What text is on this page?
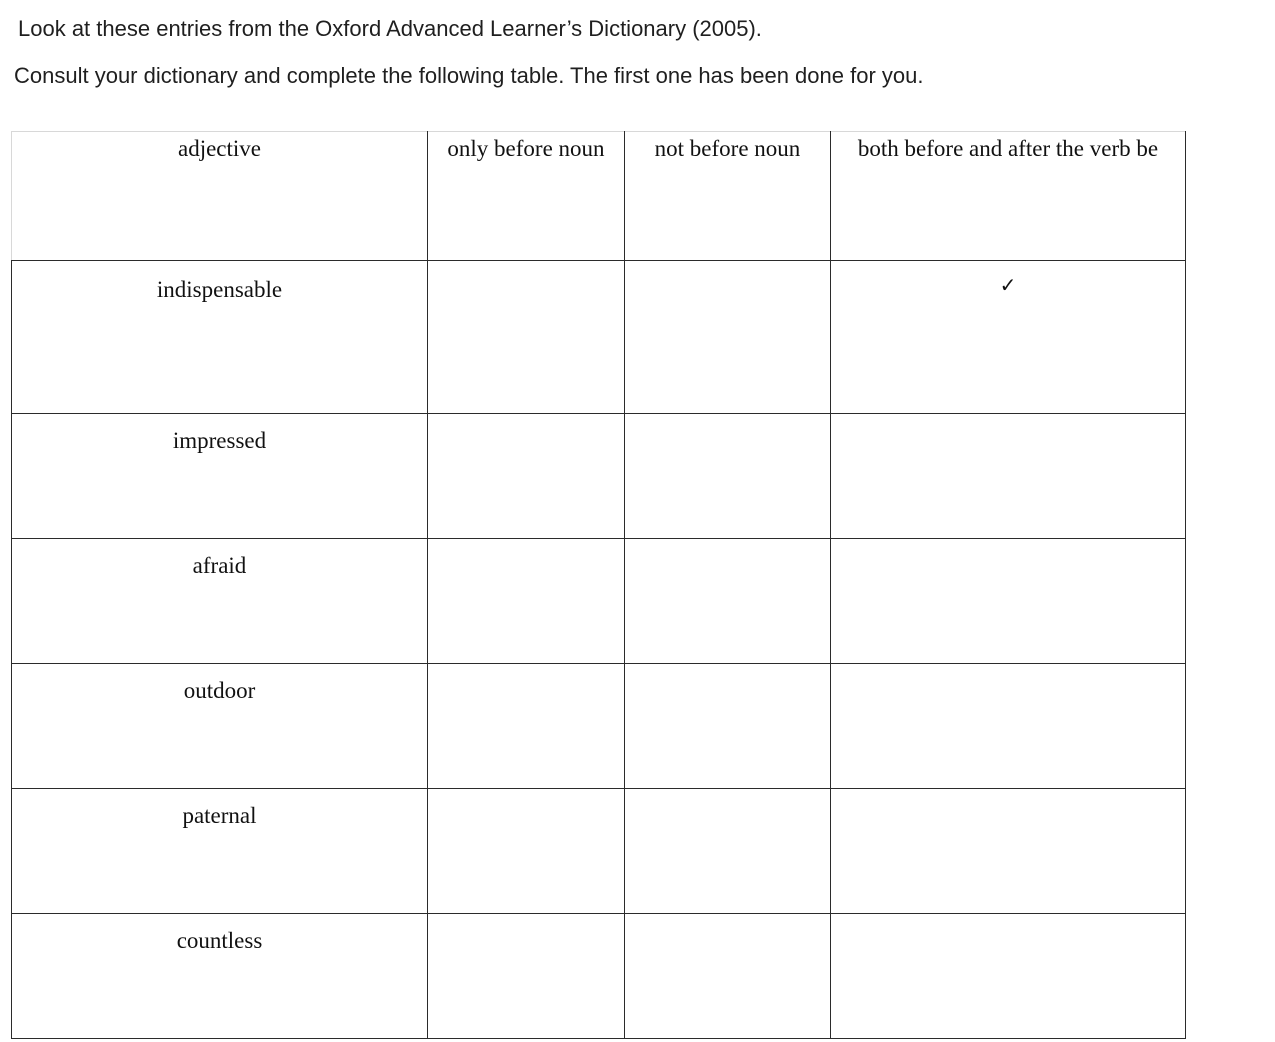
Look at these entries from the Oxford Advanced Learner’s Dictionary (2005).
Consult your dictionary and complete the following table. The first one has been done for you.
adjective	only before noun	not before noun	both before and after the verb be

indispensable			✓

impressed			

afraid			

outdoor			

paternal			

countless			
